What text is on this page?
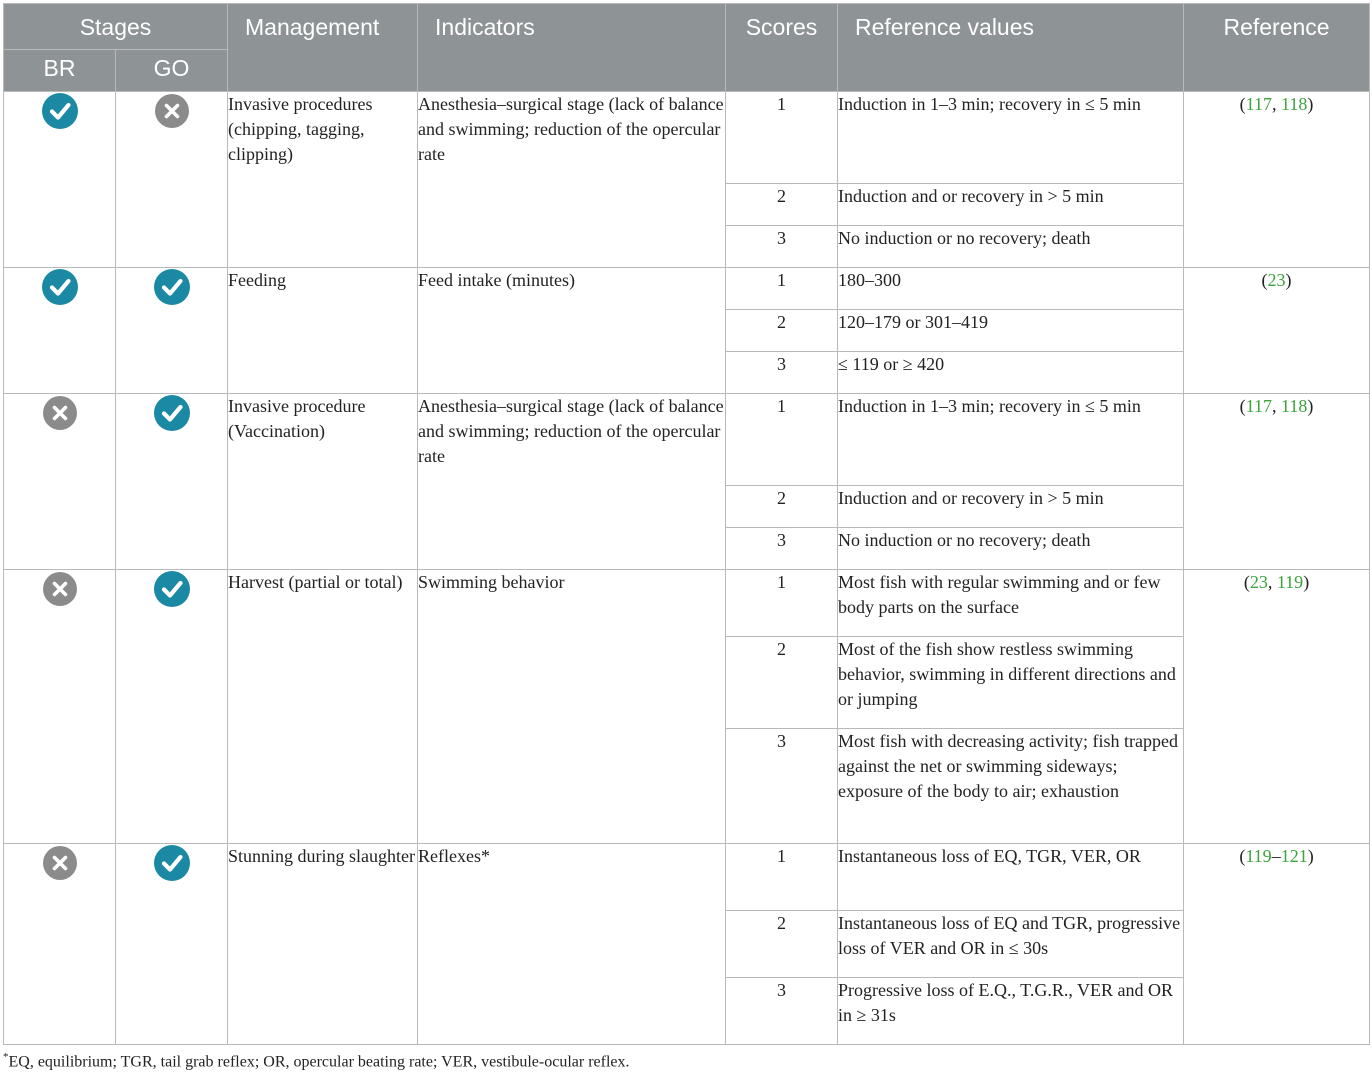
Stages		Management	Indicators	Scores	Reference values	Reference
BR	GO					
		Invasive procedures (chipping, tagging, clipping)	Anesthesia–surgical stage (lack of balance and swimming; reduction of the opercular rate	1	Induction in 1–3 min; recovery in ≤ 5 min	(117, 118)
				2	Induction and or recovery in > 5 min	
				3	No induction or no recovery; death	
		Feeding	Feed intake (minutes)	1	180–300	(23)
				2	120–179 or 301–419	
				3	≤ 119 or ≥ 420	
		Invasive procedure (Vaccination)	Anesthesia–surgical stage (lack of balance and swimming; reduction of the opercular rate	1	Induction in 1–3 min; recovery in ≤ 5 min	(117, 118)
				2	Induction and or recovery in > 5 min	
				3	No induction or no recovery; death	
		Harvest (partial or total)	Swimming behavior	1	Most fish with regular swimming and or few body parts on the surface	(23, 119)
				2	Most of the fish show restless swimming behavior, swimming in different directions and or jumping	
				3	Most fish with decreasing activity; fish trapped against the net or swimming sideways; exposure of the body to air; exhaustion	
		Stunning during slaughter	Reflexes*	1	Instantaneous loss of EQ, TGR, VER, OR	(119–121)
				2	Instantaneous loss of EQ and TGR, progressive loss of VER and OR in ≤ 30s	
				3	Progressive loss of E.Q., T.G.R., VER and OR in ≥ 31s	
*EQ, equilibrium; TGR, tail grab reflex; OR, opercular beating rate; VER, vestibule-ocular reflex.
